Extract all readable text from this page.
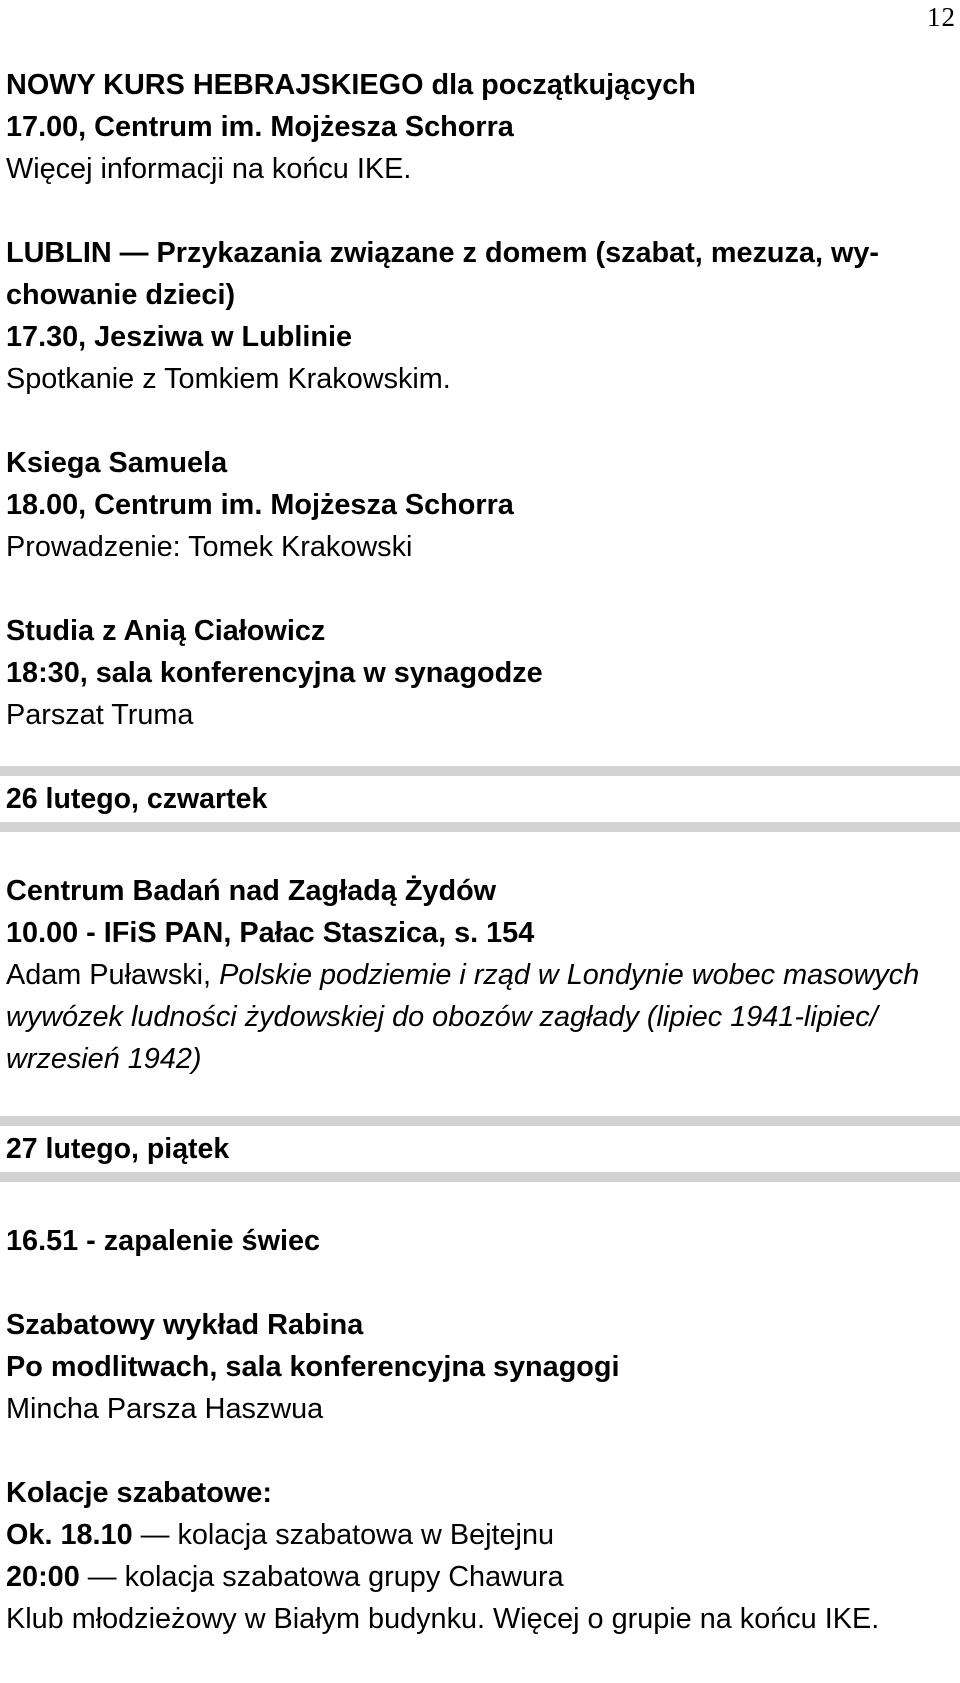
12
NOWY KURS HEBRAJSKIEGO dla początkujących
17.00, Centrum im. Mojżesza Schorra
Więcej informacji na końcu IKE.
LUBLIN — Przykazania związane z domem (szabat, mezuza, wy-
chowanie dzieci)
17.30, Jesziwa w Lublinie
Spotkanie z Tomkiem Krakowskim.
Ksiega Samuela
18.00, Centrum im. Mojżesza Schorra
Prowadzenie: Tomek Krakowski
Studia z Anią Ciałowicz
18:30, sala konferencyjna w synagodze
Parszat Truma
26 lutego, czwartek
Centrum Badań nad Zagładą Żydów
10.00 - IFiS PAN, Pałac Staszica, s. 154
Adam Puławski, Polskie podziemie i rząd w Londynie wobec masowych
wywózek ludności żydowskiej do obozów zagłady (lipiec 1941-lipiec/
wrzesień 1942)
27 lutego, piątek
16.51 - zapalenie świec
Szabatowy wykład Rabina
Po modlitwach, sala konferencyjna synagogi
Mincha Parsza Haszwua
Kolacje szabatowe:
Ok. 18.10 — kolacja szabatowa w Bejtejnu
20:00 — kolacja szabatowa grupy Chawura
Klub młodzieżowy w Białym budynku. Więcej o grupie na końcu IKE.
